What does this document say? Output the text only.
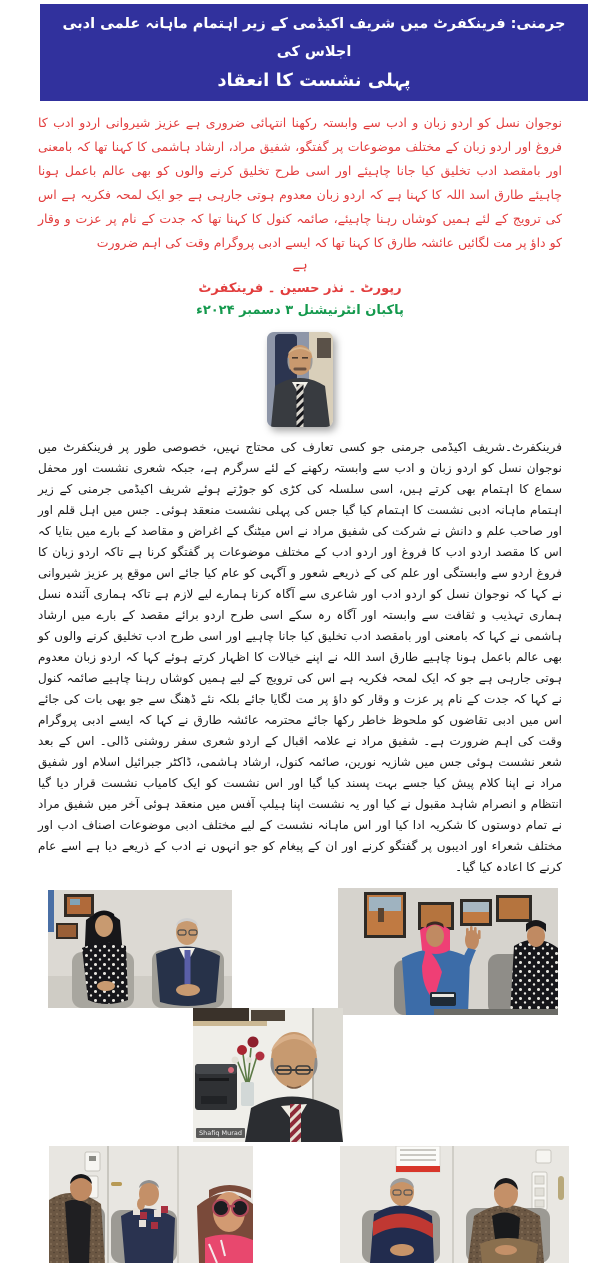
جرمنی: فرینکفرٹ میں شریف اکیڈمی کے زیر اہتمام ماہانہ علمی ادبی اجلاس کی
پہلی نشست کا انعقاد

نوجوان نسل کو اردو زبان و ادب سے وابستہ رکھنا انتہائی ضروری ہے عزیز شیروانی اردو ادب کا فروغ اور اردو زبان کے مختلف موضوعات پر گفتگو، شفیق مراد، ارشاد ہاشمی کا کہنا تھا کہ بامعنی اور بامقصد ادب تخلیق کیا جانا چاہیئے اور اسی طرح تخلیق کرنے والوں کو بھی عالم باعمل ہونا چاہیئے طارق اسد اللہ کا کہنا ہے کہ اردو زبان معدوم ہوتی جارہی ہے جو ایک لمحہ فکریہ ہے اس کی ترویج کے لئے ہمیں کوشاں رہنا چاہیئے، صائمہ کنول کا کہنا تھا کہ جدت کے نام پر عزت و وقار کو داؤ پر مت لگائیں عائشہ طارق کا کہنا تھا کہ ایسے ادبی پروگرام وقت کی اہم ضرورت

ہے
رپورٹ ۔ نذر حسین ۔ فرینکفرٹ
پاکبان انٹرنیشنل ۳ دسمبر ۲۰۲۴ء

فرینکفرٹ۔شریف اکیڈمی جرمنی جو کسی تعارف کی محتاج نہیں، خصوصی طور پر فرینکفرٹ میں نوجوان نسل کو اردو زبان و ادب سے وابستہ رکھنے کے لئے سرگرم ہے، جبکہ شعری نشست اور محفل سماع کا اہتمام بھی کرتے ہیں، اسی سلسلہ کی کڑی کو جوڑتے ہوئے شریف اکیڈمی جرمنی کے زیر اہتمام ماہانہ ادبی نشست کا اہتمام کیا گیا جس کی پہلی نشست منعقد ہوئی۔ جس میں اہل قلم اور اور صاحب علم و دانش نے شرکت کی شفیق مراد نے اس میٹنگ کے اغراض و مقاصد کے بارے میں بتایا کہ اس کا مقصد اردو ادب کا فروغ اور اردو ادب کے مختلف موضوعات پر گفتگو کرنا ہے تاکہ اردو زبان کا فروغ اردو سے وابستگی اور علم کی کے ذریعے شعور و آگہی کو عام کیا جائے اس موقع پر عزیز شیروانی نے کہا کہ نوجوان نسل کو اردو ادب اور شاعری سے آگاہ کرنا ہمارے لیے لازم ہے تاکہ ہماری آئندہ نسل ہماری تہذیب و ثقافت سے وابستہ اور آگاہ رہ سکے اسی طرح اردو برائے مقصد کے بارے میں ارشاد ہاشمی نے کہا کہ بامعنی اور بامقصد ادب تخلیق کیا جانا چاہیے اور اسی طرح ادب تخلیق کرنے والوں کو بھی عالم باعمل ہونا چاہیے طارق اسد اللہ نے اپنے خیالات کا اظہار کرتے ہوئے کہا کہ اردو زبان معدوم ہوتی جارہی ہے جو کہ ایک لمحہ فکریہ ہے اس کی ترویج کے لیے ہمیں کوشاں رہنا چاہیے صائمہ کنول نے کہا کہ جدت کے نام پر عزت و وقار کو داؤ پر مت لگایا جائے بلکہ نئے ڈھنگ سے جو بھی بات کی جائے اس میں ادبی تقاضوں کو ملحوظ خاطر رکھا جائے محترمہ عائشہ طارق نے کہا کہ ایسے ادبی پروگرام وقت کی اہم ضرورت ہے۔ شفیق مراد نے علامہ اقبال کے اردو شعری سفر روشنی ڈالی۔ اس کے بعد شعر نشست ہوئی جس میں شازیہ نورین، صائمہ کنول، ارشاد ہاشمی، ڈاکٹر جبرائیل اسلام اور شفیق مراد نے اپنا کلام پیش کیا جسے بہت پسند کیا گیا اور اس نشست کو ایک کامیاب نشست قرار دیا گیا انتظام و انصرام شاہد مقبول نے کیا اور یہ نشست اپنا ہیلپ آفس میں منعقد ہوئی آخر میں شفیق مراد نے تمام دوستوں کا شکریہ ادا کیا اور اس ماہانہ نشست کے لیے مختلف ادبی موضوعات اصناف ادب اور مختلف شعراء اور ادیبوں پر گفتگو کرنے اور ان کے پیغام کو جو انہوں نے ادب کے ذریعے دیا ہے اسے عام کرنے کا اعادہ کیا گیا۔

Shafiq Murad
